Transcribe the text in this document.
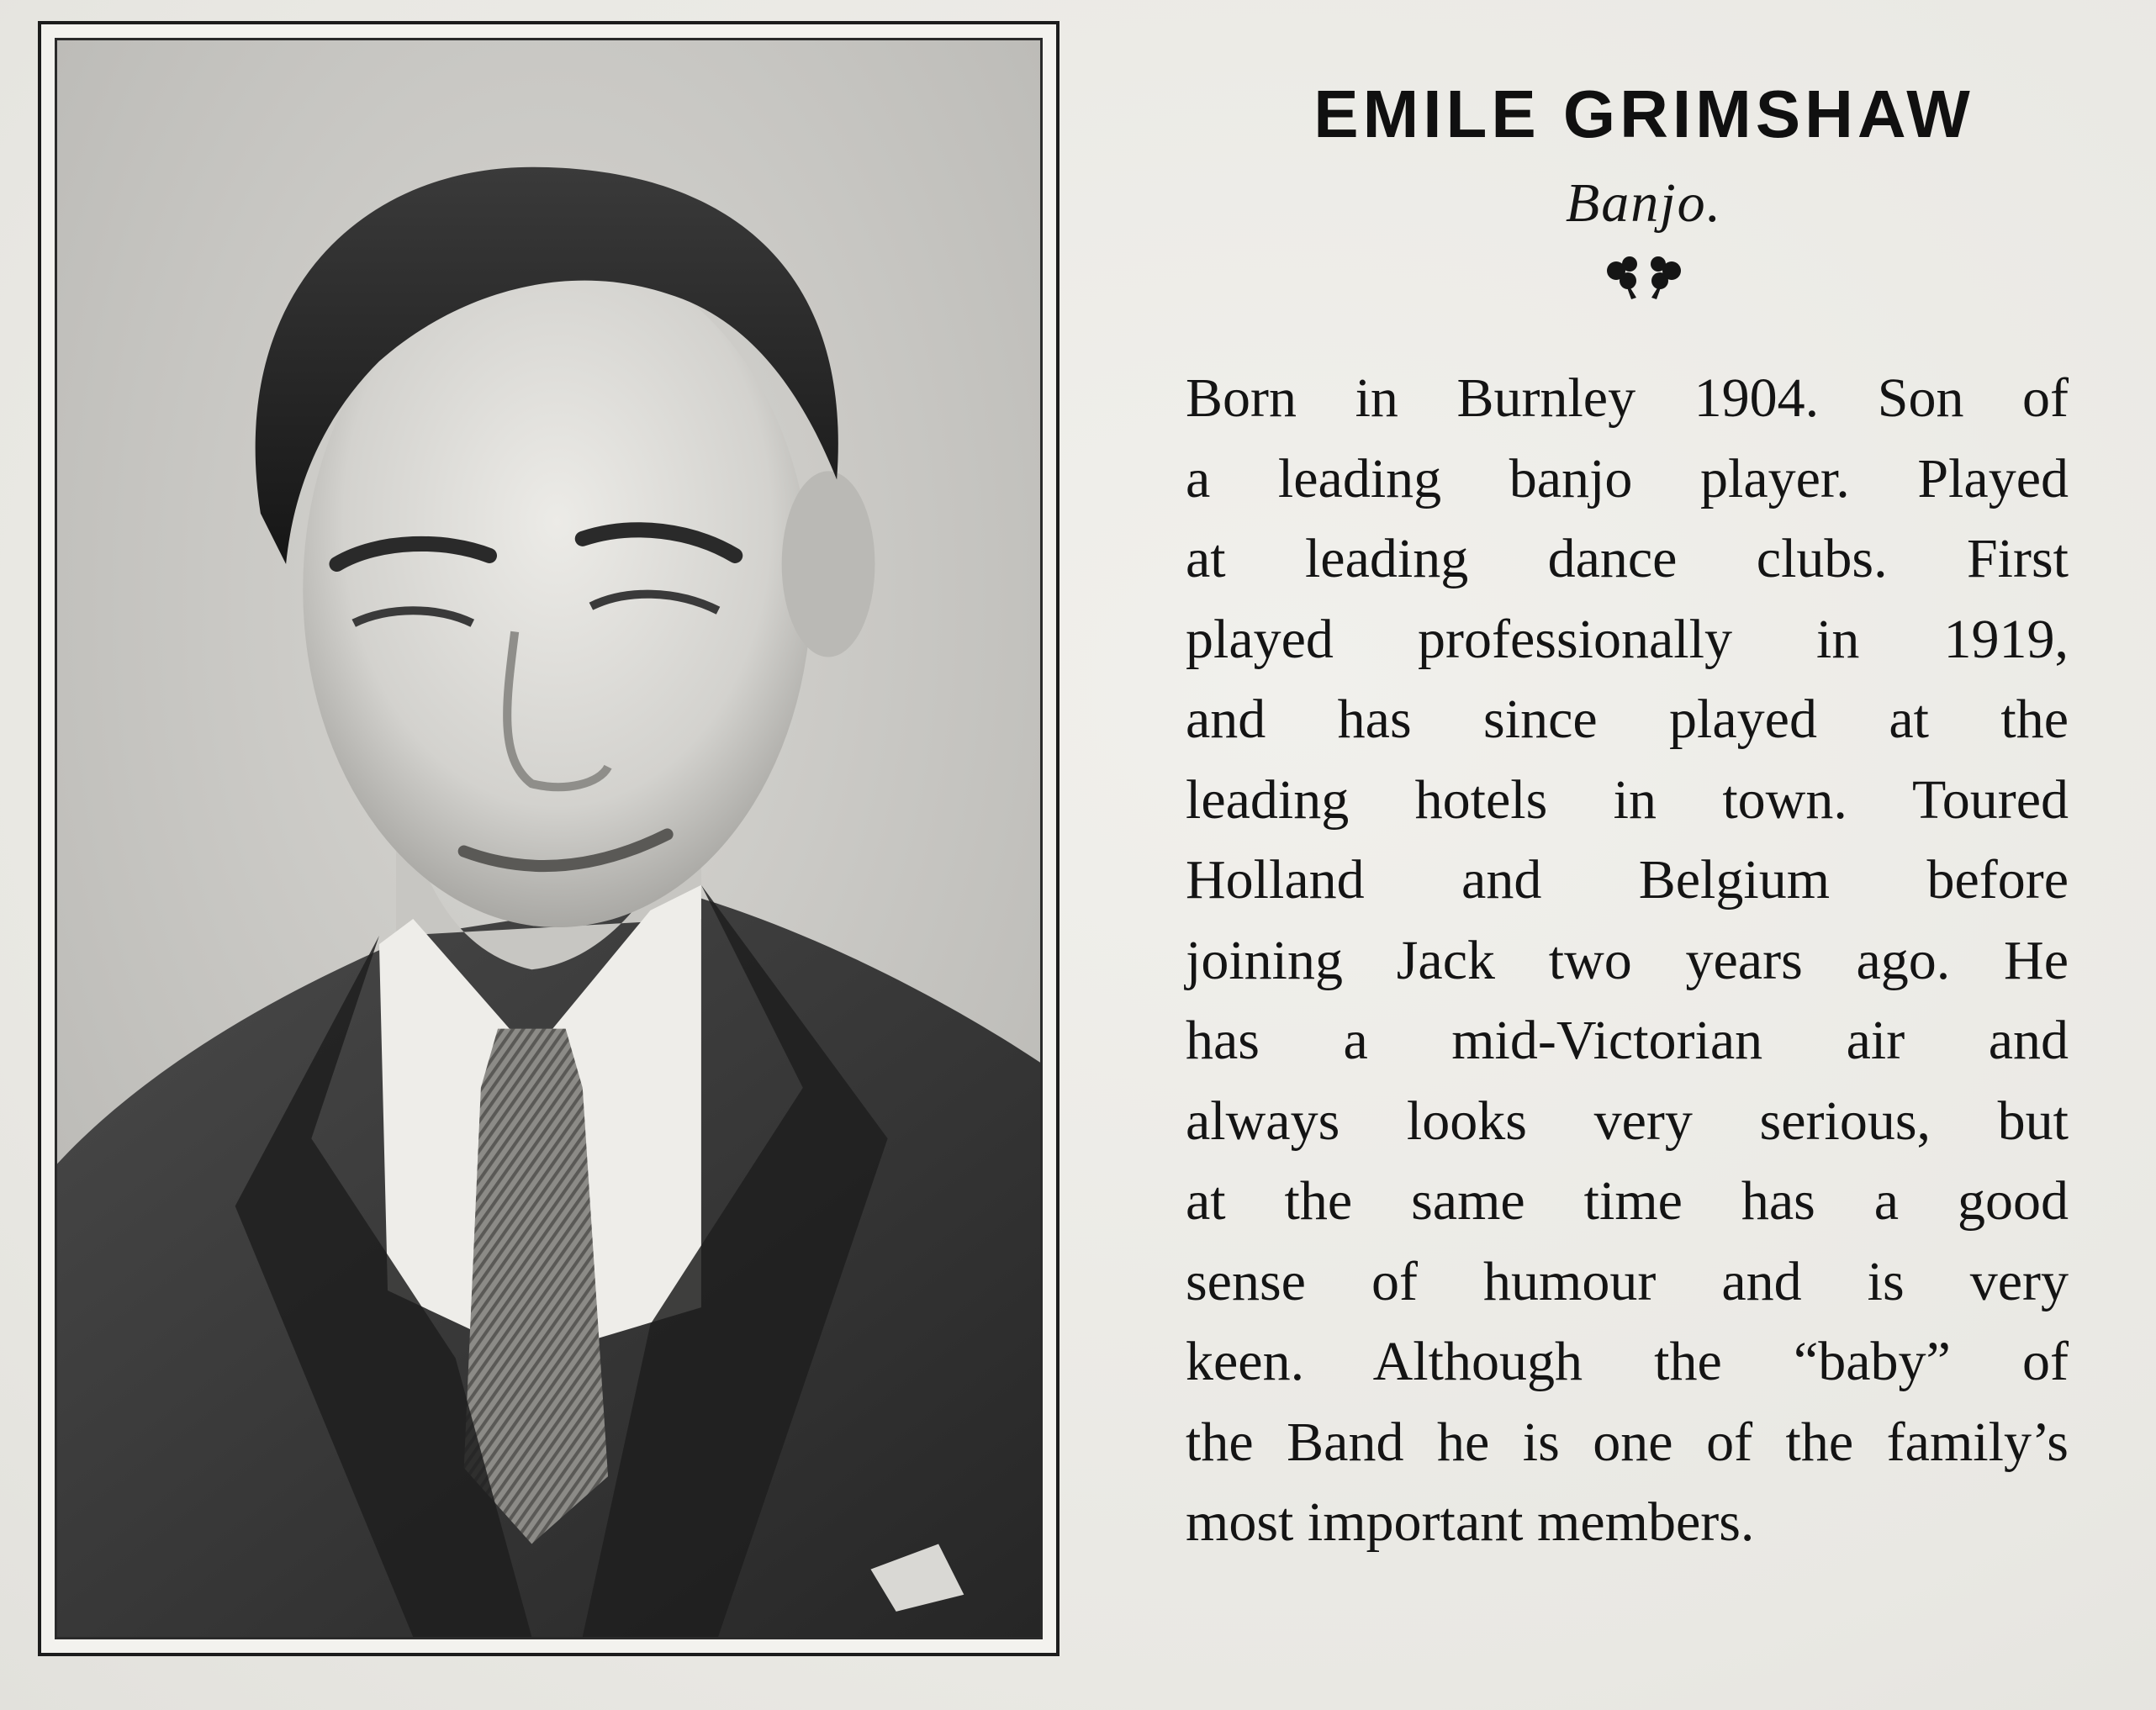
EMILE GRIMSHAW
Banjo.
Born in Burnley 1904. Son of
a leading banjo player. Played
at leading dance clubs. First
played professionally in 1919,
and has since played at the
leading hotels in town. Toured
Holland and Belgium before
joining Jack two years ago. He
has a mid-Victorian air and
always looks very serious, but
at the same time has a good
sense of humour and is very
keen. Although the “baby” of
the Band he is one of the family’s
most important members.
